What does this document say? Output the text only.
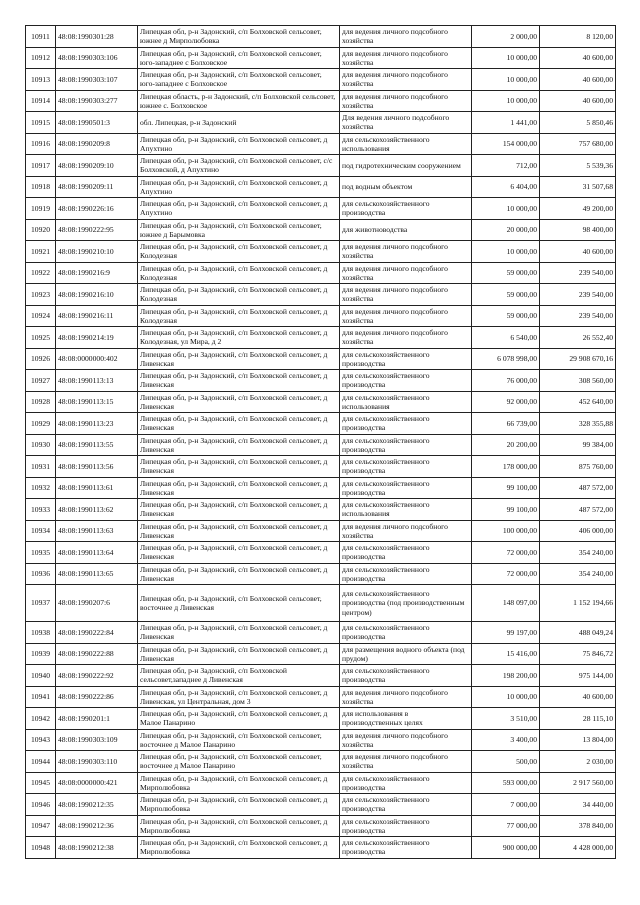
10911	48:08:1990301:28	Липецкая обл, р-н Задонский, с/п Болховской сельсовет, южнее д Мирполюбовка	для ведения личного подсобного хозяйства	2 000,00	8 120,00
10912	48:08:1990303:106	Липецкая обл, р-н Задонский, с/п Болховской сельсовет, юго-западнее с Болховское	для ведения личного подсобного хозяйства	10 000,00	40 600,00
10913	48:08:1990303:107	Липецкая обл, р-н Задонский, с/п Болховской сельсовет, юго-западнее с Болховское	для ведения личного подсобного хозяйства	10 000,00	40 600,00
10914	48:08:1990303:277	Липецкая область, р-н Задонский, с/п Болховской сельсовет, южнее с. Болховское	для ведения личного подсобного хозяйства	10 000,00	40 600,00
10915	48:08:1990501:3	обл. Липецкая, р-н Задонский	Для ведения личного подсобного хозяйства	1 441,00	5 850,46
10916	48:08:1990209:8	Липецкая обл, р-н Задонский, с/п Болховской сельсовет, д Апухтино	для сельскохозяйственного использования	154 000,00	757 680,00
10917	48:08:1990209:10	Липецкая обл, р-н Задонский, с/п Болховской сельсовет, с/с Болховской, д Апухтино	под гидротехническим сооружением	712,00	5 539,36
10918	48:08:1990209:11	Липецкая обл, р-н Задонский, с/п Болховской сельсовет, д Апухтино	под водным объектом	6 404,00	31 507,68
10919	48:08:1990226:16	Липецкая обл, р-н Задонский, с/п Болховской сельсовет, д Апухтино	для сельскохозяйственного производства	10 000,00	49 200,00
10920	48:08:1990222:95	Липецкая обл, р-н Задонский, с/п Болховской сельсовет, южнее д Барымовка	для животноводства	20 000,00	98 400,00
10921	48:08:1990210:10	Липецкая обл, р-н Задонский, с/п Болховской сельсовет, д Колодезная	для ведения личного подсобного хозяйства	10 000,00	40 600,00
10922	48:08:1990216:9	Липецкая обл, р-н Задонский, с/п Болховской сельсовет, д Колодезная	для ведения личного подсобного хозяйства	59 000,00	239 540,00
10923	48:08:1990216:10	Липецкая обл, р-н Задонский, с/п Болховской сельсовет, д Колодезная	для ведения личного подсобного хозяйства	59 000,00	239 540,00
10924	48:08:1990216:11	Липецкая обл, р-н Задонский, с/п Болховской сельсовет, д Колодезная	для ведения личного подсобного хозяйства	59 000,00	239 540,00
10925	48:08:1990214:19	Липецкая обл, р-н Задонский, с/п Болховской сельсовет, д Колодезная, ул Мира, д 2	для ведения личного подсобного хозяйства	6 540,00	26 552,40
10926	48:08:0000000:402	Липецкая обл, р-н Задонский, с/п Болховской сельсовет, д Ливенская	для сельскохозяйственного производства	6 078 998,00	29 908 670,16
10927	48:08:1990113:13	Липецкая обл, р-н Задонский, с/п Болховской сельсовет, д Ливенская	для сельскохозяйственного производства	76 000,00	308 560,00
10928	48:08:1990113:15	Липецкая обл, р-н Задонский, с/п Болховской сельсовет, д Ливенская	для сельскохозяйственного использования	92 000,00	452 640,00
10929	48:08:1990113:23	Липецкая обл, р-н Задонский, с/п Болховской сельсовет, д Ливенская	для сельскохозяйственного производства	66 739,00	328 355,88
10930	48:08:1990113:55	Липецкая обл, р-н Задонский, с/п Болховской сельсовет, д Ливенская	для сельскохозяйственного производства	20 200,00	99 384,00
10931	48:08:1990113:56	Липецкая обл, р-н Задонский, с/п Болховской сельсовет, д Ливенская	для сельскохозяйственного производства	178 000,00	875 760,00
10932	48:08:1990113:61	Липецкая обл, р-н Задонский, с/п Болховской сельсовет, д Ливенская	для сельскохозяйственного производства	99 100,00	487 572,00
10933	48:08:1990113:62	Липецкая обл, р-н Задонский, с/п Болховской сельсовет, д Ливенская	для сельскохозяйственного использования	99 100,00	487 572,00
10934	48:08:1990113:63	Липецкая обл, р-н Задонский, с/п Болховской сельсовет, д Ливенская	для ведения личного подсобного хозяйства	100 000,00	406 000,00
10935	48:08:1990113:64	Липецкая обл, р-н Задонский, с/п Болховской сельсовет, д Ливенская	для сельскохозяйственного производства	72 000,00	354 240,00
10936	48:08:1990113:65	Липецкая обл, р-н Задонский, с/п Болховской сельсовет, д Ливенская	для сельскохозяйственного производства	72 000,00	354 240,00
10937	48:08:1990207:6	Липецкая обл, р-н Задонский, с/п Болховской сельсовет, восточнее д Ливенская	для сельскохозяйственного производства (под производственным центром)	148 097,00	1 152 194,66
10938	48:08:1990222:84	Липецкая обл, р-н Задонский, с/п Болховской сельсовет, д Ливенская	для сельскохозяйственного производства	99 197,00	488 049,24
10939	48:08:1990222:88	Липецкая обл, р-н Задонский, с/п Болховской сельсовет, д Ливенская	для размещения водного объекта (под прудом)	15 416,00	75 846,72
10940	48:08:1990222:92	Липецкая обл, р-н Задонский, с/п Болховской сельсовет,западнее д Ливенская	для сельскохозяйственного производства	198 200,00	975 144,00
10941	48:08:1990222:86	Липецкая обл, р-н Задонский, с/п Болховской сельсовет, д Ливенская, ул Центральная, дом 3	для ведения личного подсобного хозяйства	10 000,00	40 600,00
10942	48:08:1990201:1	Липецкая обл, р-н Задонский, с/п Болховской сельсовет, д Малое Панарино	для использования в производственных целях	3 510,00	28 115,10
10943	48:08:1990303:109	Липецкая обл, р-н Задонский, с/п Болховской сельсовет, восточнее д Малое Панарино	для ведения личного подсобного хозяйства	3 400,00	13 804,00
10944	48:08:1990303:110	Липецкая обл, р-н Задонский, с/п Болховской сельсовет, восточнее д Малое Панарино	для ведения личного подсобного хозяйства	500,00	2 030,00
10945	48:08:0000000:421	Липецкая обл, р-н Задонский, с/п Болховской сельсовет, д Мирполюбовка	для сельскохозяйственного производства	593 000,00	2 917 560,00
10946	48:08:1990212:35	Липецкая обл, р-н Задонский, с/п Болховской сельсовет, д Мирполюбовка	для сельскохозяйственного производства	7 000,00	34 440,00
10947	48:08:1990212:36	Липецкая обл, р-н Задонский, с/п Болховской сельсовет, д Мирполюбовка	для сельскохозяйственного производства	77 000,00	378 840,00
10948	48:08:1990212:38	Липецкая обл, р-н Задонский, с/п Болховской сельсовет, д Мирполюбовка	для сельскохозяйственного производства	900 000,00	4 428 000,00
